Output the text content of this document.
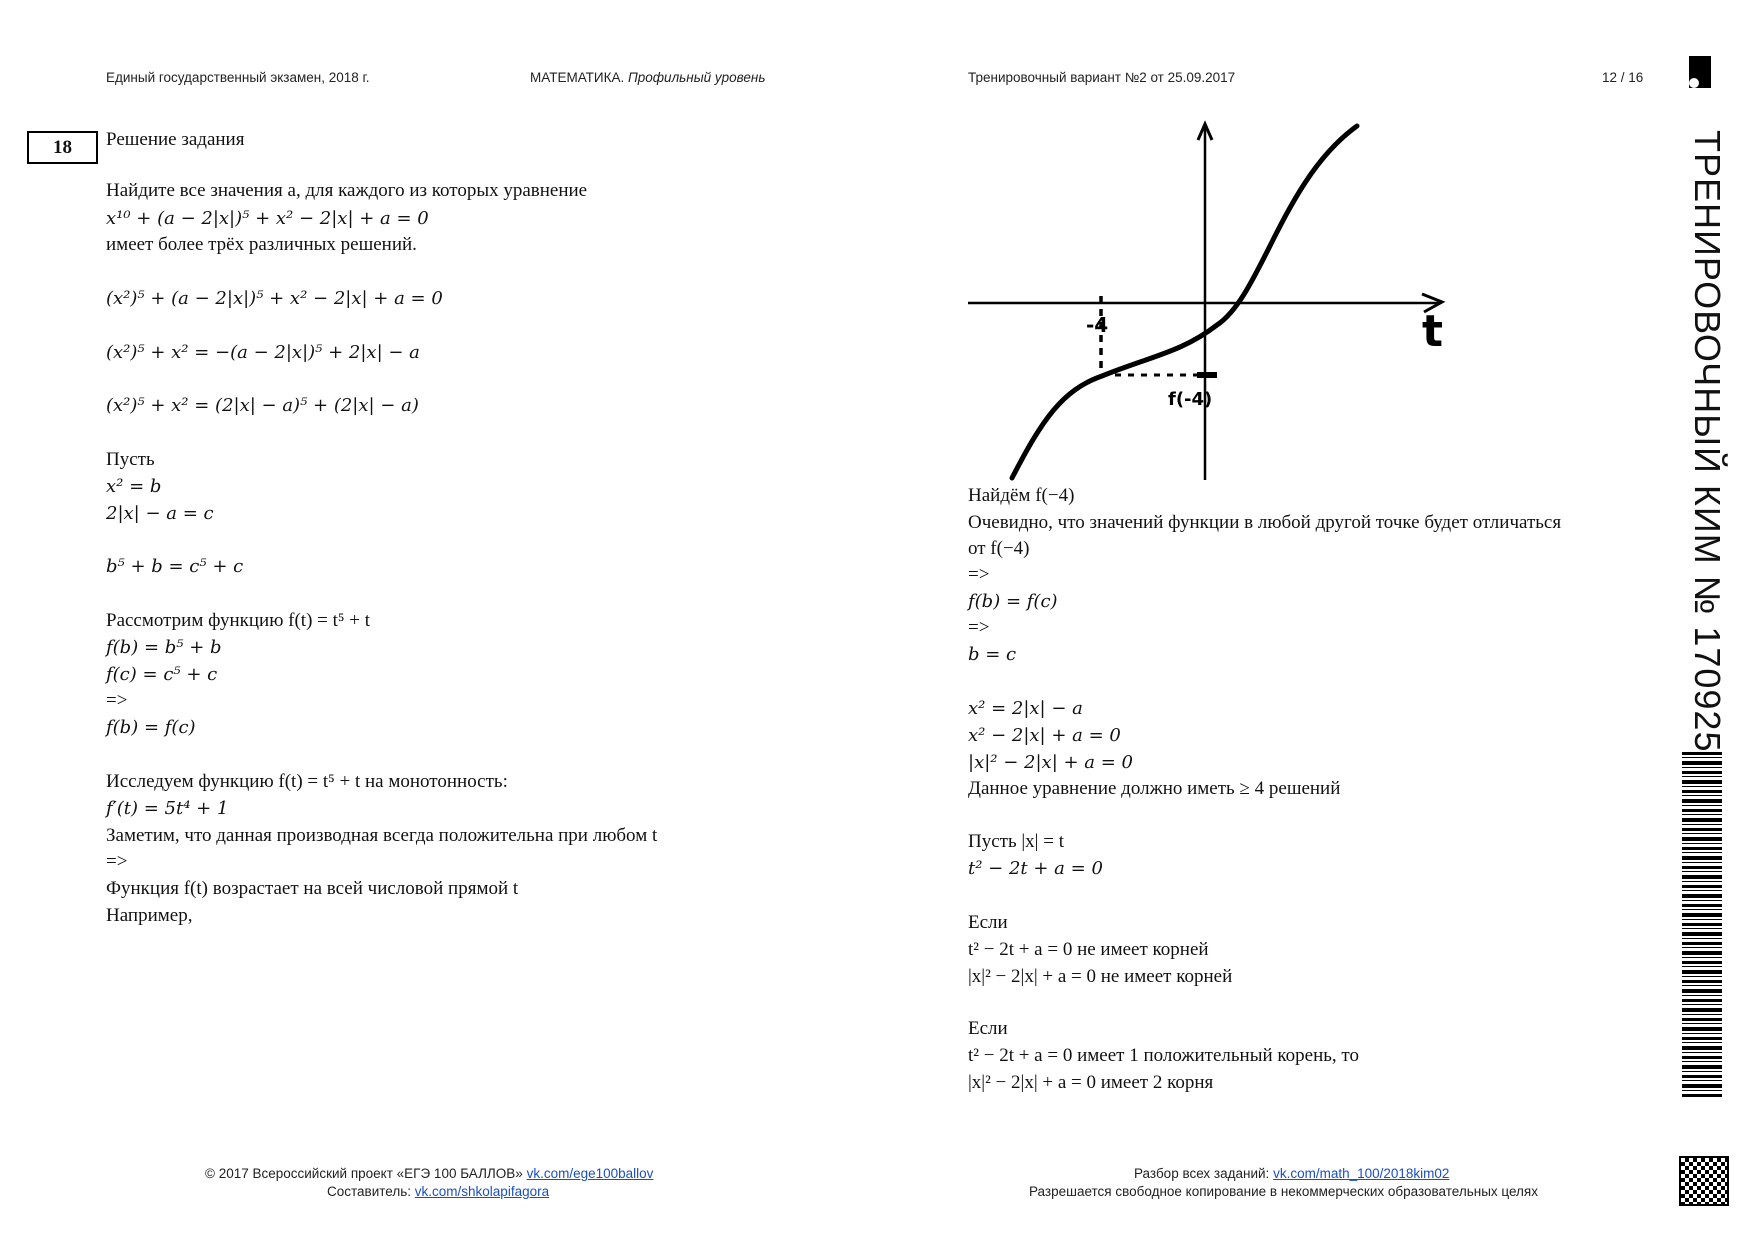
Единый государственный экзамен, 2018 г.	МАТЕМАТИКА. Профильный уровень	Тренировочный вариант №2 от 25.09.2017	12 / 16
ТРЕНИРОВОЧНЫЙ КИМ № 170925
18	Решение задания
Найдите все значения a, для каждого из которых уравнение
x¹⁰ + (a − 2|x|)⁵ + x² − 2|x| + a = 0
имеет более трёх различных решений.
(x²)⁵ + (a − 2|x|)⁵ + x² − 2|x| + a = 0
(x²)⁵ + x² = −(a − 2|x|)⁵ + 2|x| − a
(x²)⁵ + x² = (2|x| − a)⁵ + (2|x| − a)
Пусть
x² = b
2|x| − a = c
b⁵ + b = c⁵ + c
Рассмотрим функцию f(t) = t⁵ + t
f(b) = b⁵ + b
f(c) = c⁵ + c
=>
f(b) = f(c)
Исследуем функцию f(t) = t⁵ + t на монотонность:
f′(t) = 5t⁴ + 1
Заметим, что данная производная всегда положительна при любом t
=>
Функция f(t) возрастает на всей числовой прямой t
Например,
t
-4
f(-4)
Найдём f(−4)
Очевидно, что значений функции в любой другой точке будет отличаться
от f(−4)
=>
f(b) = f(c)
=>
b = c
x² = 2|x| − a
x² − 2|x| + a = 0
|x|² − 2|x| + a = 0
Данное уравнение должно иметь ≥ 4 решений
Пусть |x| = t
t² − 2t + a = 0
Если
t² − 2t + a = 0 не имеет корней
|x|² − 2|x| + a = 0 не имеет корней
Если
t² − 2t + a = 0 имеет 1 положительный корень, то
|x|² − 2|x| + a = 0 имеет 2 корня
© 2017 Всероссийский проект «ЕГЭ 100 БАЛЛОВ» vk.com/ege100ballov
Составитель: vk.com/shkolapifagora
Разбор всех заданий: vk.com/math_100/2018kim02
Разрешается свободное копирование в некоммерческих образовательных целях
